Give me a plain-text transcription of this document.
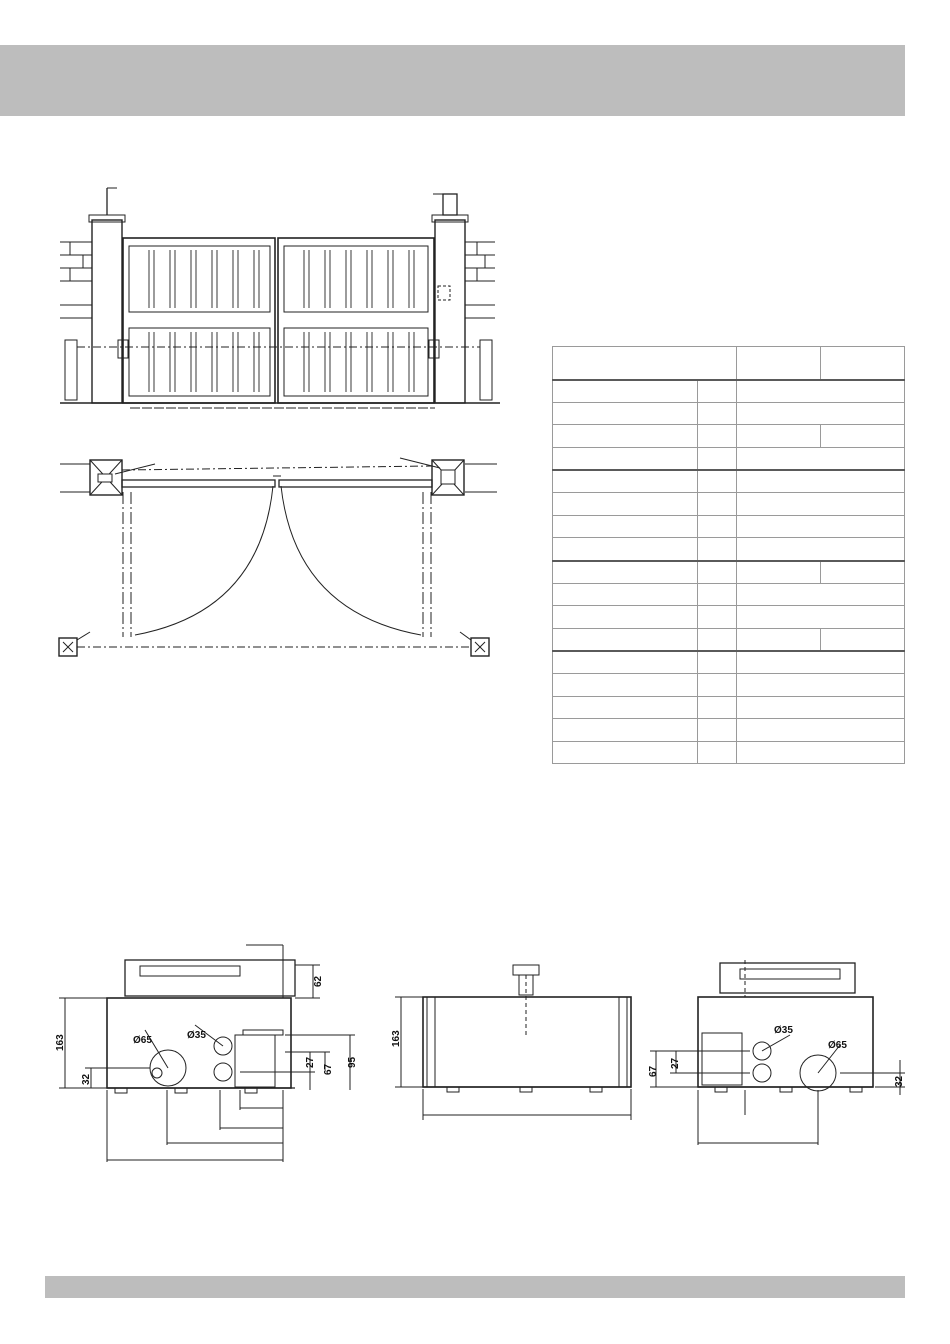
163
62
Ø65	Ø35
32
27
67
95
163	Ø35
Ø65
67
27
32
